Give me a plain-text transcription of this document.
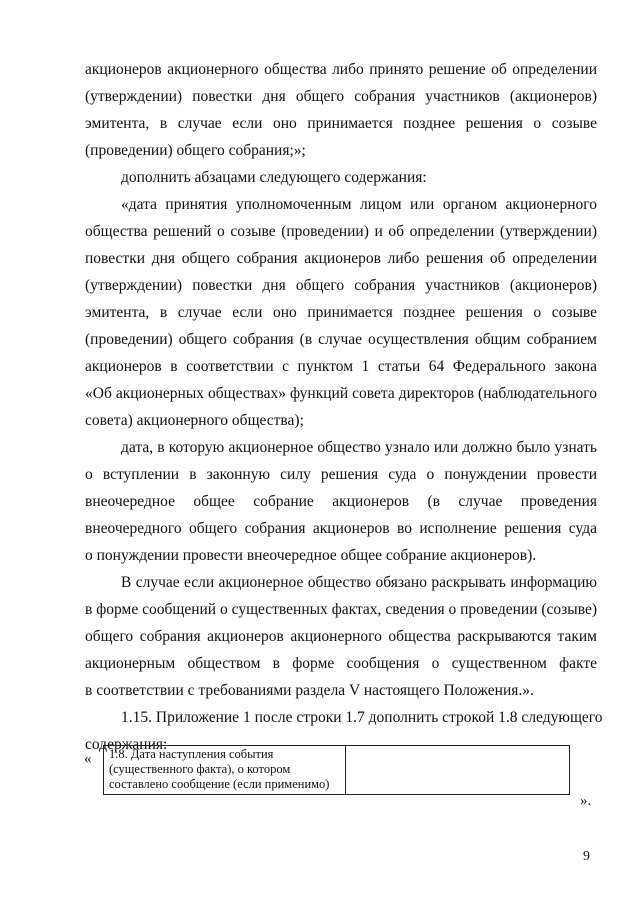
акционеров акционерного общества либо принято решение об определении
(утверждении) повестки дня общего собрания участников (акционеров)
эмитента, в случае если оно принимается позднее решения о созыве
(проведении) общего собрания;»;
дополнить абзацами следующего содержания:
«дата принятия уполномоченным лицом или органом акционерного
общества решений о созыве (проведении) и об определении (утверждении)
повестки дня общего собрания акционеров либо решения об определении
(утверждении) повестки дня общего собрания участников (акционеров)
эмитента, в случае если оно принимается позднее решения о созыве
(проведении) общего собрания (в случае осуществления общим собранием
акционеров в соответствии с пунктом 1 статьи 64 Федерального закона
«Об акционерных обществах» функций совета директоров (наблюдательного
совета) акционерного общества);
дата, в которую акционерное общество узнало или должно было узнать
о вступлении в законную силу решения суда о понуждении провести
внеочередное общее собрание акционеров (в случае проведения
внеочередного общего собрания акционеров во исполнение решения суда
о понуждении провести внеочередное общее собрание акционеров).
В случае если акционерное общество обязано раскрывать информацию
в форме сообщений о существенных фактах, сведения о проведении (созыве)
общего собрания акционеров акционерного общества раскрываются таким
акционерным обществом в форме сообщения о существенном факте
в соответствии с требованиями раздела V настоящего Положения.».
1.15. Приложение 1 после строки 1.7 дополнить строкой 1.8 следующего
содержания:
« 1.8. Дата наступления события
(существенного факта), о котором
составлено сообщение (если применимо)

».
9
